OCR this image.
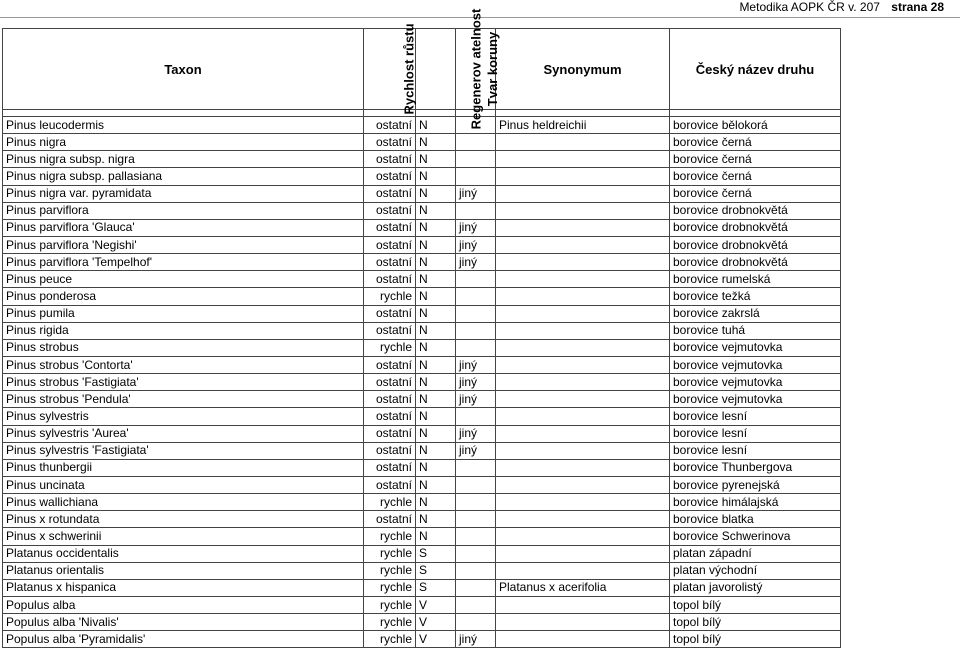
Metodika AOPK ČR v. 207 strana 28
Taxon	Rychlost růstu	Regenerov atelnost	Tvar koruny	Synonymum	Český název druhu

Pinus leucodermis	ostatní	N		Pinus heldreichii	borovice bělokorá
Pinus nigra	ostatní	N			borovice černá
Pinus nigra subsp. nigra	ostatní	N			borovice černá
Pinus nigra subsp. pallasiana	ostatní	N			borovice černá
Pinus nigra var. pyramidata	ostatní	N	jiný		borovice černá
Pinus parviflora	ostatní	N			borovice drobnokvětá
Pinus parviflora 'Glauca'	ostatní	N	jiný		borovice drobnokvětá
Pinus parviflora 'Negishi'	ostatní	N	jiný		borovice drobnokvětá
Pinus parviflora 'Tempelhof'	ostatní	N	jiný		borovice drobnokvětá
Pinus peuce	ostatní	N			borovice rumelská
Pinus ponderosa	rychle	N			borovice težká
Pinus pumila	ostatní	N			borovice zakrslá
Pinus rigida	ostatní	N			borovice tuhá
Pinus strobus	rychle	N			borovice vejmutovka
Pinus strobus 'Contorta'	ostatní	N	jiný		borovice vejmutovka
Pinus strobus 'Fastigiata'	ostatní	N	jiný		borovice vejmutovka
Pinus strobus 'Pendula'	ostatní	N	jiný		borovice vejmutovka
Pinus sylvestris	ostatní	N			borovice lesní
Pinus sylvestris 'Aurea'	ostatní	N	jiný		borovice lesní
Pinus sylvestris 'Fastigiata'	ostatní	N	jiný		borovice lesní
Pinus thunbergii	ostatní	N			borovice Thunbergova
Pinus uncinata	ostatní	N			borovice pyrenejská
Pinus wallichiana	rychle	N			borovice himálajská
Pinus x rotundata	ostatní	N			borovice blatka
Pinus x schwerinii	rychle	N			borovice Schwerinova
Platanus occidentalis	rychle	S			platan západní
Platanus orientalis	rychle	S			platan východní
Platanus x hispanica	rychle	S		Platanus x acerifolia	platan javorolistý
Populus alba	rychle	V			topol bílý
Populus alba 'Nivalis'	rychle	V			topol bílý
Populus alba 'Pyramidalis'	rychle	V	jiný		topol bílý
